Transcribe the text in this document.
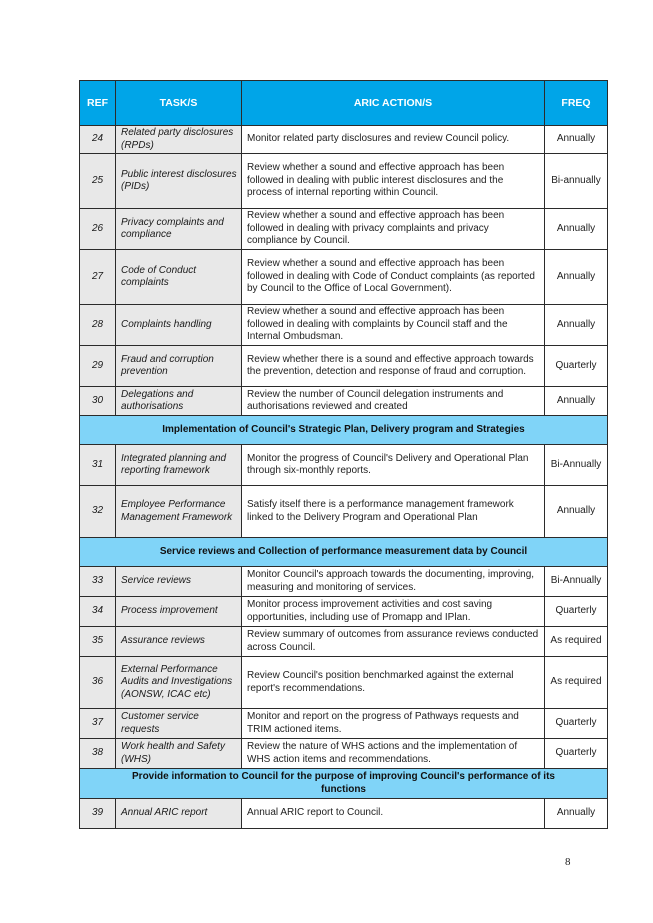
REF	TASK/S	ARIC ACTION/S	FREQ
24	Related party disclosures (RPDs)	Monitor related party disclosures and review Council policy.	Annually
25	Public interest disclosures (PIDs)	Review whether a sound and effective approach has been followed in dealing with public interest disclosures and the process of internal reporting within Council.	Bi-annually
26	Privacy complaints and compliance	Review whether a sound and effective approach has been followed in dealing with privacy complaints and privacy compliance by Council.	Annually
27	Code of Conduct complaints	Review whether a sound and effective approach has been followed in dealing with Code of Conduct complaints (as reported by Council to the Office of Local Government).	Annually
28	Complaints handling	Review whether a sound and effective approach has been followed in dealing with complaints by Council staff and the Internal Ombudsman.	Annually
29	Fraud and corruption prevention	Review whether there is a sound and effective approach towards the prevention, detection and response of fraud and corruption.	Quarterly
30	Delegations and authorisations	Review the number of Council delegation instruments and authorisations reviewed and created	Annually
Implementation of Council's Strategic Plan, Delivery program and Strategies			
31	Integrated planning and reporting framework	Monitor the progress of Council's Delivery and Operational Plan through six-monthly reports.	Bi-Annually
32	Employee Performance Management Framework	Satisfy itself there is a performance management framework linked to the Delivery Program and Operational Plan	Annually
Service reviews and Collection of performance measurement data by Council			
33	Service reviews	Monitor Council's approach towards the documenting, improving, measuring and monitoring of services.	Bi-Annually
34	Process improvement	Monitor process improvement activities and cost saving opportunities, including use of Promapp and IPlan.	Quarterly
35	Assurance reviews	Review summary of outcomes from assurance reviews conducted across Council.	As required
36	External Performance Audits and Investigations (AONSW, ICAC etc)	Review Council's position benchmarked against the external report's recommendations.	As required
37	Customer service requests	Monitor and report on the progress of Pathways requests and TRIM actioned items.	Quarterly
38	Work health and Safety (WHS)	Review the nature of WHS actions and the implementation of WHS action items and recommendations.	Quarterly
Provide information to Council for the purpose of improving Council's performance of its functions			
39	Annual ARIC report	Annual ARIC report to Council.	Annually
8
